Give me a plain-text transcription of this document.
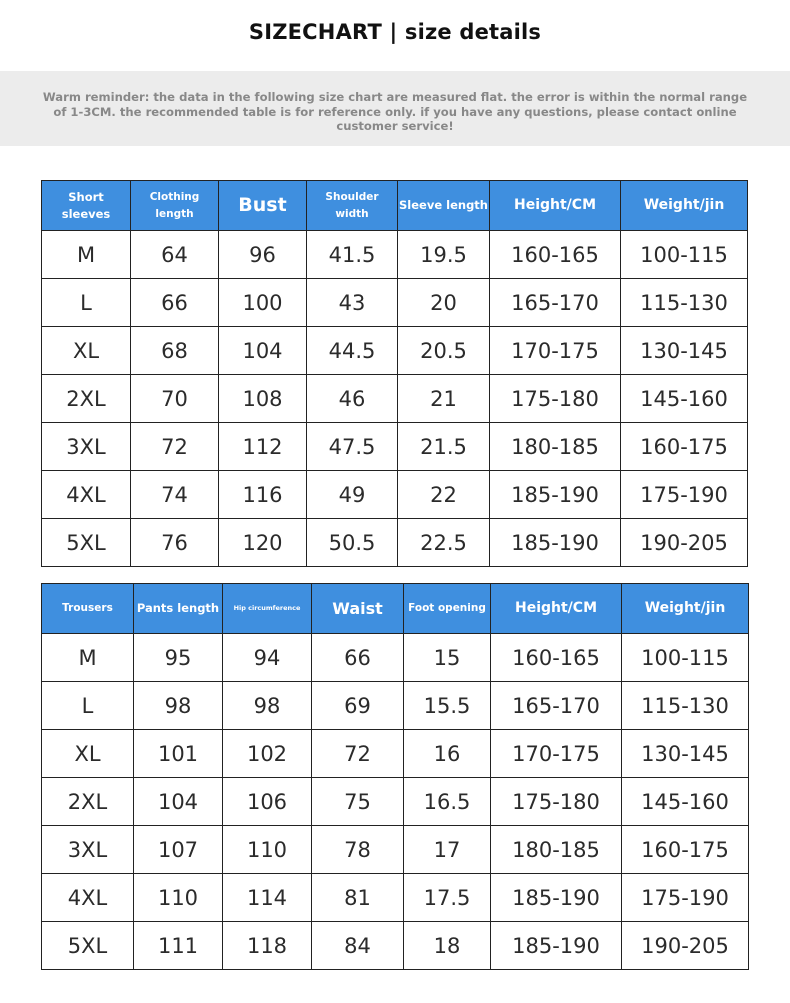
SIZECHART | size details
Warm reminder: the data in the following size chart are measured flat. the error is within the normal range of 1-3CM. the recommended table is for reference only. if you have any questions, please contact online customer service!
Short sleeves	Clothing length	Bust	Shoulder width	Sleeve length	Height/CM	Weight/jin
M	64	96	41.5	19.5	160-165	100-115
L	66	100	43	20	165-170	115-130
XL	68	104	44.5	20.5	170-175	130-145
2XL	70	108	46	21	175-180	145-160
3XL	72	112	47.5	21.5	180-185	160-175
4XL	74	116	49	22	185-190	175-190
5XL	76	120	50.5	22.5	185-190	190-205
Trousers	Pants length	Hip circumference	Waist	Foot opening	Height/CM	Weight/jin
M	95	94	66	15	160-165	100-115
L	98	98	69	15.5	165-170	115-130
XL	101	102	72	16	170-175	130-145
2XL	104	106	75	16.5	175-180	145-160
3XL	107	110	78	17	180-185	160-175
4XL	110	114	81	17.5	185-190	175-190
5XL	111	118	84	18	185-190	190-205
